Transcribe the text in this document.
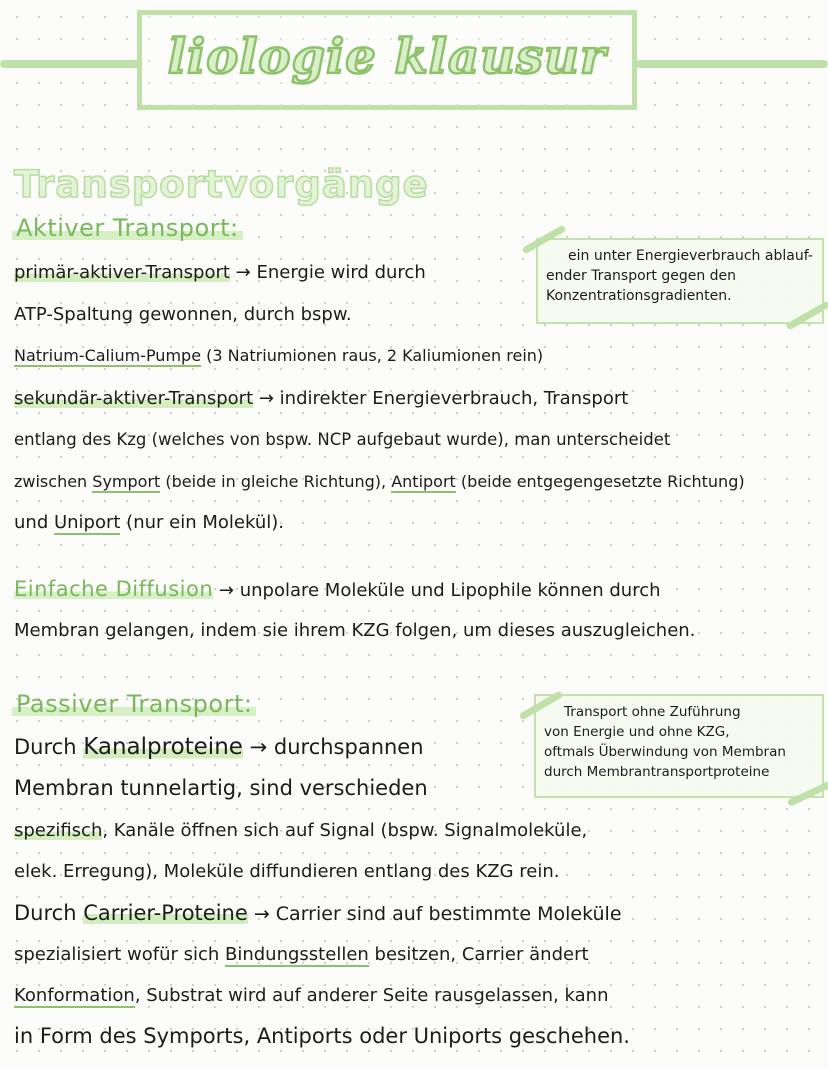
liologie klausur
Transportvorgänge
Aktiver Transport:
ein unter Energieverbrauch ablauf-
ender Transport gegen den
Konzentrationsgradienten.
primär-aktiver-Transport → Energie wird durch
ATP-Spaltung gewonnen, durch bspw.
Natrium-Calium-Pumpe (3 Natriumionen raus, 2 Kaliumionen rein)
sekundär-aktiver-Transport → indirekter Energieverbrauch, Transport
entlang des Kzg (welches von bspw. NCP aufgebaut wurde), man unterscheidet
zwischen Symport (beide in gleiche Richtung), Antiport (beide entgegengesetzte Richtung)
und Uniport (nur ein Molekül).
Einfache Diffusion → unpolare Moleküle und Lipophile können durch
Membran gelangen, indem sie ihrem KZG folgen, um dieses auszugleichen.
Passiver Transport:	Transport ohne Zuführung
von Energie und ohne KZG,
oftmals Überwindung von Membran
durch Membrantransportproteine
Durch Kanalproteine → durchspannen
Membran tunnelartig, sind verschieden
spezifisch, Kanäle öffnen sich auf Signal (bspw. Signalmoleküle,
elek. Erregung), Moleküle diffundieren entlang des KZG rein.
Durch Carrier-Proteine → Carrier sind auf bestimmte Moleküle
spezialisiert wofür sich Bindungsstellen besitzen, Carrier ändert
Konformation, Substrat wird auf anderer Seite rausgelassen, kann
in Form des Symports, Antiports oder Uniports geschehen.
